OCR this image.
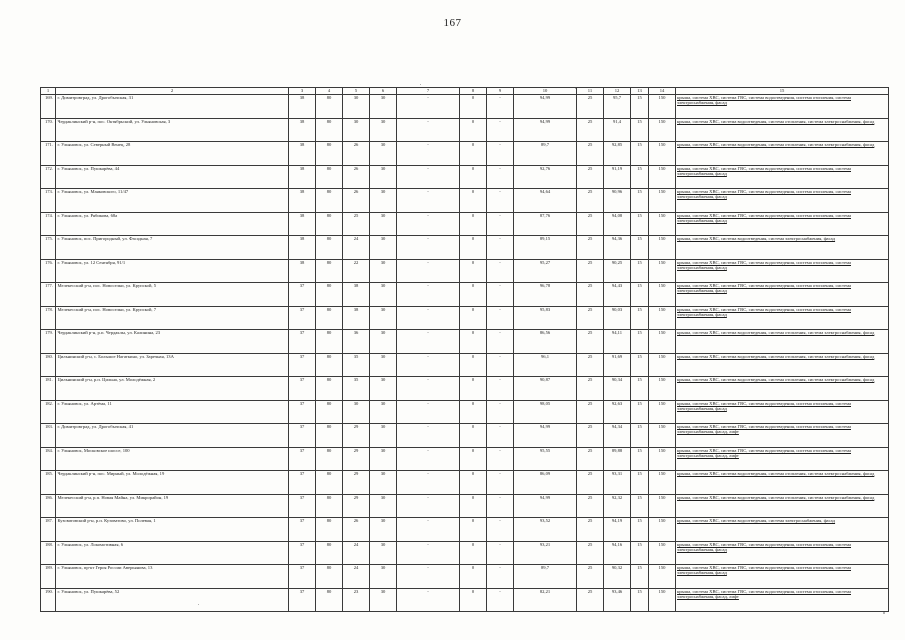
167
1	2	3	4	5	6	7	8	9	10	11	12	13	14	15
169.	г. Димитровград, ул. Дрогобычская, 31	38	80	30	30	-	0	-	94,99	25	95,7	15	150	крыша, система ХВС, система ГВС, система водоотведения, система отопления, система электроснабжения, фасад
170.	Чердаклинский р-н, пос. Октябрьский, ул. Ульяновская, 3	38	80	30	30	-	0	-	94,99	25	91,4	15	150	крыша, система ХВС, система водоотведения, система отопления, система электроснабжения, фасад
171.	г. Ульяновск, ул. Северный Венец, 28	38	80	26	30	-	0	-	89,7	25	92,85	15	150	крыша, система ХВС, система водоотведения, система отопления, система электроснабжения, фасад
172.	г. Ульяновск, ул. Пушкарёва, 44	38	80	26	30	-	0	-	92,76	25	91,19	15	150	крыша, система ХВС, система ГВС, система водоотведения, система отопления, система электроснабжения, фасад
173.	г. Ульяновск, ул. Маяковского, 11/47	38	80	26	30	-	0	-	94,64	25	90,96	15	150	крыша, система ХВС, система ГВС, система водоотведения, система отопления, система электроснабжения, фасад
174.	г. Ульяновск, ул. Рябикова, 68а	38	80	25	30	-	0	-	87,76	25	94,08	15	150	крыша, система ХВС, система ГВС, система водоотведения, система отопления, система электроснабжения, фасад
175.	г. Ульяновск, пос. Пригородный, ул. Фасадная, 7	38	80	24	30	-	0	-	89,15	25	94,36	15	150	крыша, система ХВС, система водоотведения, система электроснабжения, фасад
176.	г. Ульяновск, ул. 12 Сентября, 91/1	38	80	22	30	-	0	-	95,27	25	90,25	15	150	крыша, система ХВС, система ГВС, система водоотведения, система отопления, система электроснабжения, фасад
177.	Мелекесский р-н, пос. Новоселки, ул. Крупской, 5	37	80	38	30	-	0	-	96,78	25	94,43	15	150	крыша, система ХВС, система ГВС, система водоотведения, система отопления, система электроснабжения, фасад
178.	Мелекесский р-н, пос. Новоселки, ул. Крупской, 7	37	80	38	30	-	0	-	95,83	25	90,03	15	150	крыша, система ХВС, система ГВС, система водоотведения, система отопления, система электроснабжения, фасад
179.	Чердаклинский р-н, р.п. Чердаклы, ул. Калинина, 23	37	80	36	30	-	0	-	86,56	25	94,11	15	150	крыша, система ХВС, система водоотведения, система отопления, система электроснабжения, фасад
180.	Цильнинский р-н, с. Большое Нагаткино, ул. Заречная, 13А	37	80	35	30	-	0	-	96,1	25	91,69	15	150	крыша, система ХВС, система водоотведения, система отопления, система электроснабжения, фасад
181.	Цильнинский р-н, р.п. Цильна, ул. Молодёжная, 2	37	80	35	30	-	0	-	90,87	25	90,34	15	150	крыша, система ХВС, система водоотведения, система отопления, система электроснабжения, фасад
182.	г. Ульяновск, ул. Артёма, 11	37	80	30	30	-	0	-	98,05	25	92,63	15	150	крыша, система ХВС, система ГВС, система водоотведения, система отопления, система электроснабжения, фасад
183.	г. Димитровград, ул. Дрогобычская, 41	37	80	29	30	-	0	-	94,99	25	94,34	15	150	крыша, система ХВС, система ГВС, система водоотведения, система отопления, система электроснабжения, фасад, лифт
184.	г. Ульяновск, Московское шоссе, 100	37	80	29	30	-	0	-	95,55	25	89,88	15	150	крыша, система ХВС, система ГВС, система водоотведения, система отопления, система электроснабжения, фасад, лифт
185.	Чердаклинский р-н, пос. Мирный, ул. Молодёжная, 19	37	80	29	30	-	0	-	86,09	25	93,31	15	150	крыша, система ХВС, система водоотведения, система отопления, система электроснабжения, фасад
186.	Мелекесский р-н, р.п. Новая Майна, ул. Микрорайон, 19	37	80	29	30	-	0	-	94,99	25	92,32	15	150	крыша, система ХВС, система водоотведения, система отопления, система электроснабжения, фасад
187.	Кузоватовский р-н, р.п. Кузоватово, ул. Полевая, 1	37	80	26	30	-	0	-	93,52	25	94,19	15	150	крыша, система ХВС, система водоотведения, система электроснабжения, фасад
188.	г. Ульяновск, ул. Локомотивная, 6	37	80	24	30	-	0	-	93,21	25	94,16	15	150	крыша, система ХВС, система ГВС, система водоотведения, система отопления, система электроснабжения, фасад
189.	г. Ульяновск, пр-кт Героя России Аверьянова, 13	37	80	24	30	-	0	-	89,7	25	90,32	15	150	крыша, система ХВС, система ГВС, система водоотведения, система отопления, система электроснабжения, фасад
190.	г. Ульяновск, ул. Пушкарёва, 52	37	80	23	30	-	0	-	82,21	25	93,46	15	150	крыша, система ХВС, система ГВС, система водоотведения, система отопления, система электроснабжения, фасад, лифт
